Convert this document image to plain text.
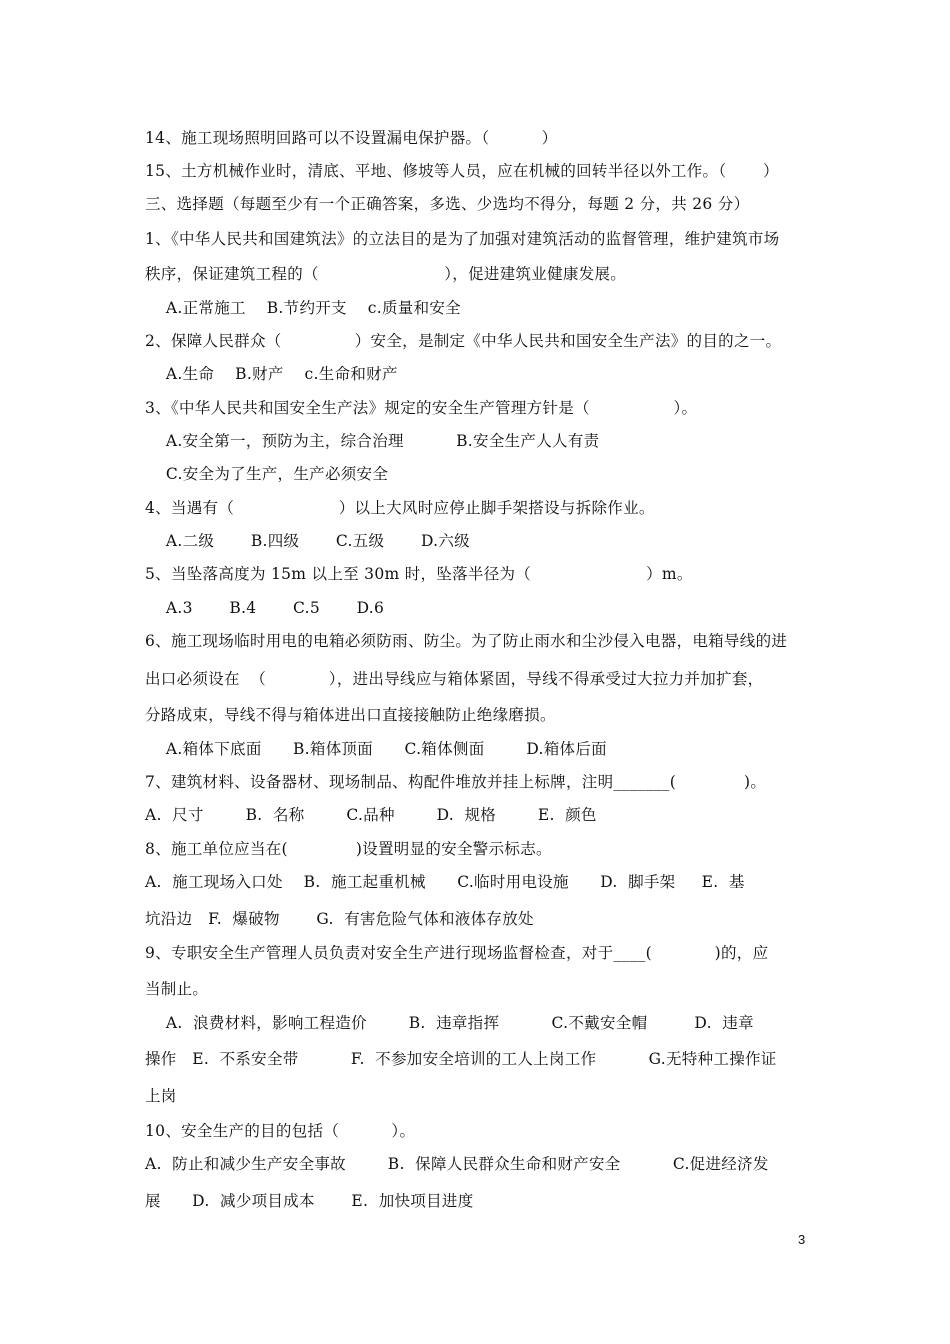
14、施工现场照明回路可以不设置漏电保护器。（          ）
15、土方机械作业时，清底、平地、修坡等人员，应在机械的回转半径以外工作。（       ）
三、选择题（每题至少有一个正确答案，多选、少选均不得分，每题 2 分，共 26 分）
1、《中华人民共和国建筑法》的立法目的是为了加强对建筑活动的监督管理，维护建筑市场
秩序，保证建筑工程的（                        ），促进建筑业健康发展。
A.正常施工    B.节约开支    c.质量和安全
2、保障人民群众（              ）安全，是制定《中华人民共和国安全生产法》的目的之一。
A.生命    B.财产    c.生命和财产
3、《中华人民共和国安全生产法》规定的安全生产管理方针是（                ）。
A.安全第一，预防为主，综合治理          B.安全生产人人有责
C.安全为了生产，生产必须安全
4、当遇有（                    ）以上大风时应停止脚手架搭设与拆除作业。
A.二级       B.四级       C.五级       D.六级
5、当坠落高度为 15m 以上至 30m 时，坠落半径为（                      ）m。
A.3       B.4       C.5       D.6
6、施工现场临时用电的电箱必须防雨、防尘。为了防止雨水和尘沙侵入电器，电箱导线的进
出口必须设在  （            ），进出导线应与箱体紧固，导线不得承受过大拉力并加扩套，
分路成束，导线不得与箱体进出口直接接触防止绝缘磨损。
A.箱体下底面      B.箱体顶面      C.箱体侧面        D.箱体后面
7、建筑材料、设备器材、现场制品、构配件堆放并挂上标牌，注明_______(             )。
A.  尺寸        B.  名称        C.品种        D.  规格        E.  颜色
8、施工单位应当在(             )设置明显的安全警示标志。
A.  施工现场入口处    B.  施工起重机械      C.临时用电设施      D.  脚手架     E.  基
坑沿边   F.  爆破物       G.  有害危险气体和液体存放处
9、专职安全生产管理人员负责对安全生产进行现场监督检查，对于____(            )的，应
当制止。
A.  浪费材料，影响工程造价        B.  违章指挥          C.不戴安全帽         D.  违章
操作   E.  不系安全带          F.  不参加安全培训的工人上岗工作          G.无特种工操作证
上岗
10、安全生产的目的包括（          ）。
A.  防止和减少生产安全事故        B.  保障人民群众生命和财产安全          C.促进经济发
展      D.  减少项目成本       E.  加快项目进度
3
